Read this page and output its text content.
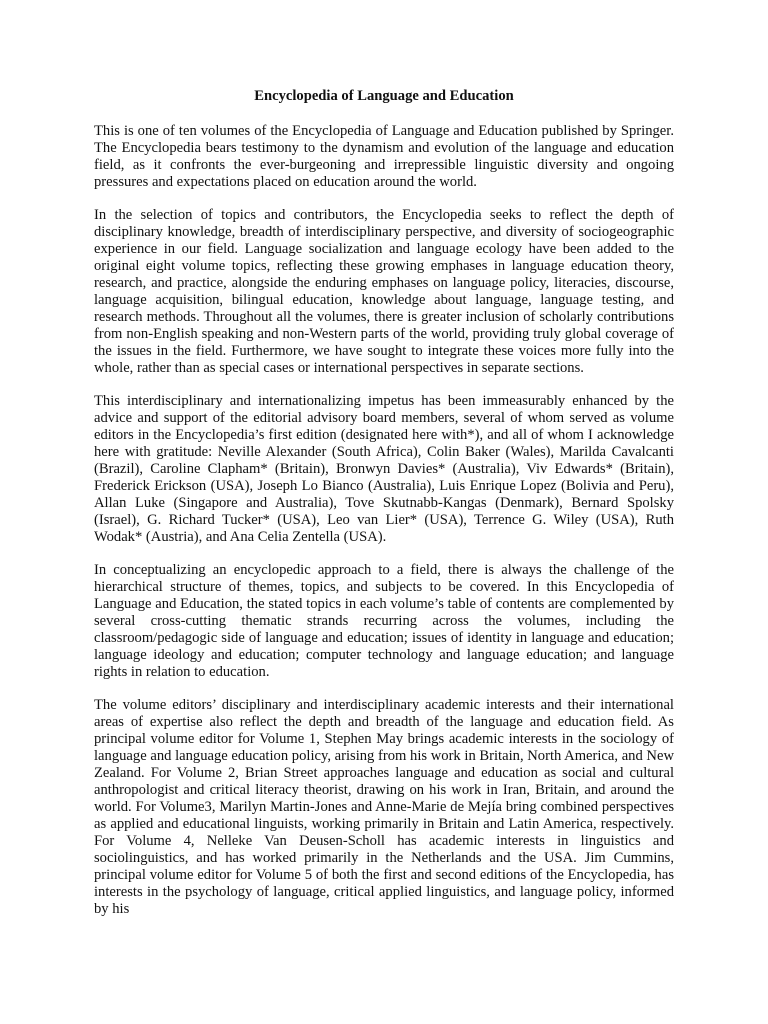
Encyclopedia of Language and Education

This is one of ten volumes of the Encyclopedia of Language and Education published by Springer. The Encyclopedia bears testimony to the dynamism and evolution of the language and education field, as it confronts the ever-burgeoning and irrepressible linguistic diversity and ongoing pressures and expectations placed on education around the world.

In the selection of topics and contributors, the Encyclopedia seeks to reflect the depth of disciplinary knowledge, breadth of interdisciplinary perspective, and diversity of sociogeographic experience in our field. Language socialization and language ecology have been added to the original eight volume topics, reflecting these growing emphases in language education theory, research, and practice, alongside the enduring emphases on language policy, literacies, discourse, language acquisition, bilingual education, knowledge about language, language testing, and research methods. Throughout all the volumes, there is greater inclusion of scholarly contributions from non-English speaking and non-Western parts of the world, providing truly global coverage of the issues in the field. Furthermore, we have sought to integrate these voices more fully into the whole, rather than as special cases or international perspectives in separate sections.

This interdisciplinary and internationalizing impetus has been immeasurably enhanced by the advice and support of the editorial advisory board members, several of whom served as volume editors in the Encyclopedia’s first edition (designated here with*), and all of whom I acknowledge here with gratitude: Neville Alexander (South Africa), Colin Baker (Wales), Marilda Cavalcanti (Brazil), Caroline Clapham* (Britain), Bronwyn Davies* (Australia), Viv Edwards* (Britain), Frederick Erickson (USA), Joseph Lo Bianco (Australia), Luis Enrique Lopez (Bolivia and Peru), Allan Luke (Singapore and Australia), Tove Skutnabb-Kangas (Denmark), Bernard Spolsky (Israel), G. Richard Tucker* (USA), Leo van Lier* (USA), Terrence G. Wiley (USA), Ruth Wodak* (Austria), and Ana Celia Zentella (USA).

In conceptualizing an encyclopedic approach to a field, there is always the challenge of the hierarchical structure of themes, topics, and subjects to be covered. In this Encyclopedia of Language and Education, the stated topics in each volume’s table of contents are complemented by several cross-cutting thematic strands recurring across the volumes, including the classroom/pedagogic side of language and education; issues of identity in language and education; language ideology and education; computer technology and language education; and language rights in relation to education.

The volume editors’ disciplinary and interdisciplinary academic interests and their international areas of expertise also reflect the depth and breadth of the language and education field. As principal volume editor for Volume 1, Stephen May brings academic interests in the sociology of language and language education policy, arising from his work in Britain, North America, and New Zealand. For Volume 2, Brian Street approaches language and education as social and cultural anthropologist and critical literacy theorist, drawing on his work in Iran, Britain, and around the world. For Volume3, Marilyn Martin-Jones and Anne-Marie de Mejía bring combined perspectives as applied and educational linguists, working primarily in Britain and Latin America, respectively. For Volume 4, Nelleke Van Deusen-Scholl has academic interests in linguistics and sociolinguistics, and has worked primarily in the Netherlands and the USA. Jim Cummins, principal volume editor for Volume 5 of both the first and second editions of the Encyclopedia, has interests in the psychology of language, critical applied linguistics, and language policy, informed by his
